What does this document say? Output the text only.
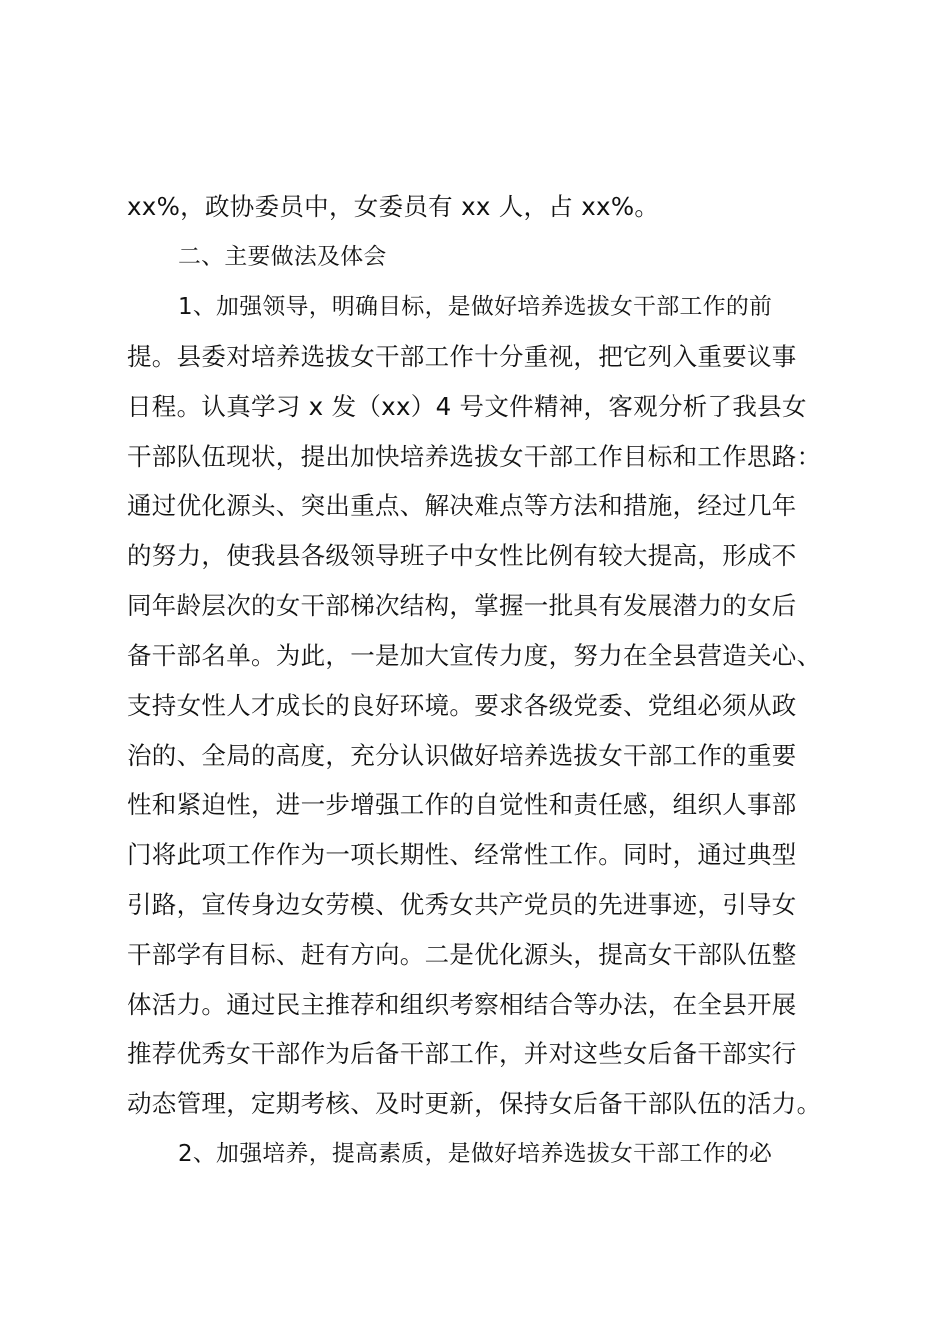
xx%，政协委员中，女委员有 xx 人，占 xx%。
二、主要做法及体会
1、加强领导，明确目标，是做好培养选拔女干部工作的前
提。县委对培养选拔女干部工作十分重视，把它列入重要议事
日程。认真学习 x 发（xx）4 号文件精神，客观分析了我县女
干部队伍现状，提出加快培养选拔女干部工作目标和工作思路：
通过优化源头、突出重点、解决难点等方法和措施，经过几年
的努力，使我县各级领导班子中女性比例有较大提高，形成不
同年龄层次的女干部梯次结构，掌握一批具有发展潜力的女后
备干部名单。为此，一是加大宣传力度，努力在全县营造关心、
支持女性人才成长的良好环境。要求各级党委、党组必须从政
治的、全局的高度，充分认识做好培养选拔女干部工作的重要
性和紧迫性，进一步增强工作的自觉性和责任感，组织人事部
门将此项工作作为一项长期性、经常性工作。同时，通过典型
引路，宣传身边女劳模、优秀女共产党员的先进事迹，引导女
干部学有目标、赶有方向。二是优化源头，提高女干部队伍整
体活力。通过民主推荐和组织考察相结合等办法，在全县开展
推荐优秀女干部作为后备干部工作，并对这些女后备干部实行
动态管理，定期考核、及时更新，保持女后备干部队伍的活力。
2、加强培养，提高素质，是做好培养选拔女干部工作的必
